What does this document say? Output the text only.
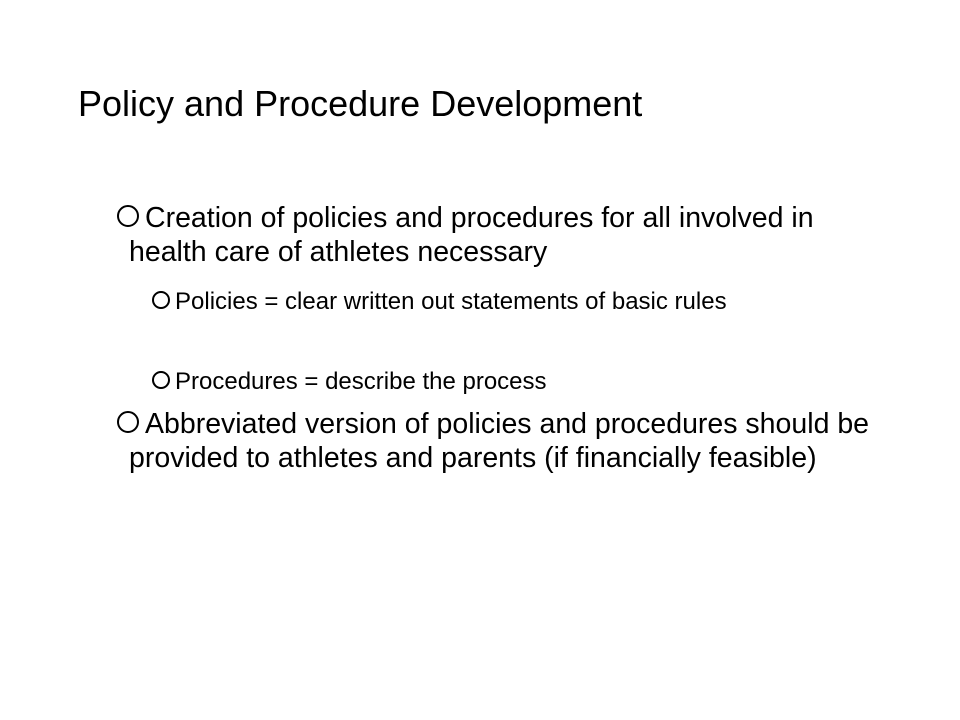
Policy and Procedure Development

Creation of policies and procedures for all involved in health care of athletes necessary

Policies = clear written out statements of basic rules

Procedures = describe the process

Abbreviated version of policies and procedures should be provided to athletes and parents (if financially feasible)
